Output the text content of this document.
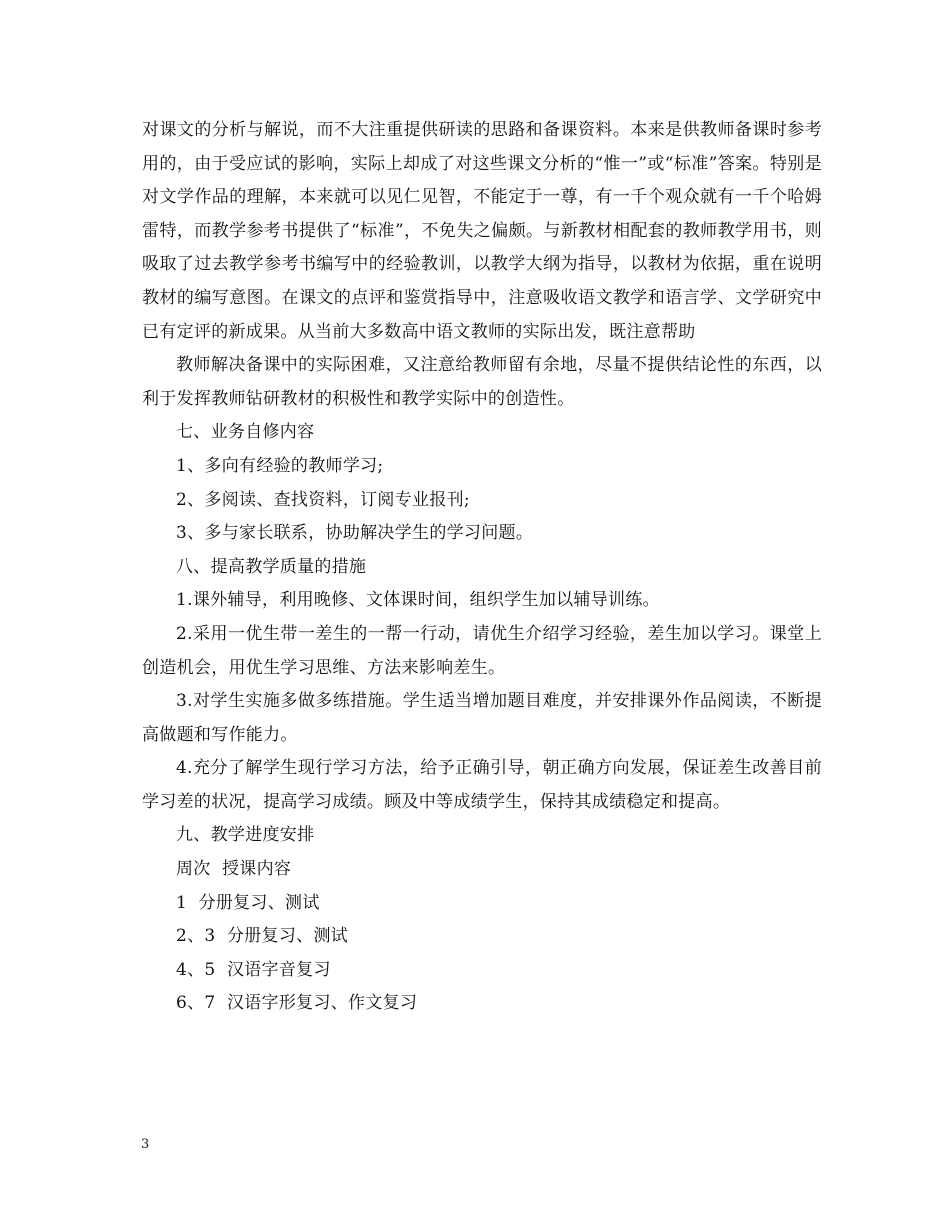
对课文的分析与解说，而不大注重提供研读的思路和备课资料。本来是供教师备课时参考用的，由于受应试的影响，实际上却成了对这些课文分析的“惟一”或“标准”答案。特别是对文学作品的理解，本来就可以见仁见智，不能定于一尊，有一千个观众就有一千个哈姆雷特，而教学参考书提供了“标准”，不免失之偏颇。与新教材相配套的教师教学用书，则吸取了过去教学参考书编写中的经验教训，以教学大纲为指导，以教材为依据，重在说明教材的编写意图。在课文的点评和鉴赏指导中，注意吸收语文教学和语言学、文学研究中已有定评的新成果。从当前大多数高中语文教师的实际出发，既注意帮助

教师解决备课中的实际困难，又注意给教师留有余地，尽量不提供结论性的东西，以利于发挥教师钻研教材的积极性和教学实际中的创造性。

七、业务自修内容

1、多向有经验的教师学习;

2、多阅读、查找资料，订阅专业报刊;

3、多与家长联系，协助解决学生的学习问题。

八、提高教学质量的措施

1.课外辅导，利用晚修、文体课时间，组织学生加以辅导训练。

2.采用一优生带一差生的一帮一行动，请优生介绍学习经验，差生加以学习。课堂上创造机会，用优生学习思维、方法来影响差生。

3.对学生实施多做多练措施。学生适当增加题目难度，并安排课外作品阅读，不断提高做题和写作能力。

4.充分了解学生现行学习方法，给予正确引导，朝正确方向发展，保证差生改善目前学习差的状况，提高学习成绩。顾及中等成绩学生，保持其成绩稳定和提高。

九、教学进度安排

周次  授课内容

1  分册复习、测试

2、3  分册复习、测试

4、5  汉语字音复习

6、7  汉语字形复习、作文复习

3
